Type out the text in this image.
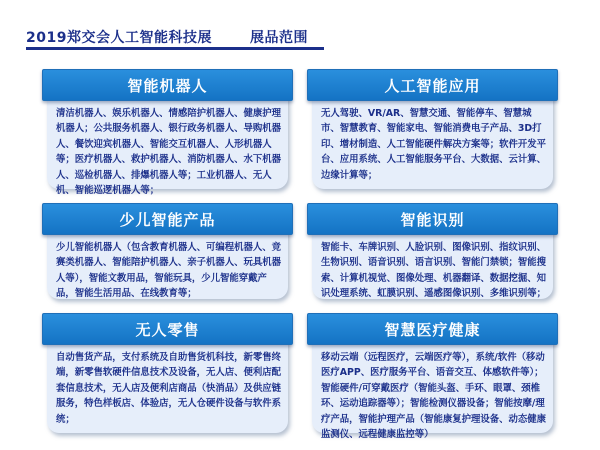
2019郑交会人工智能科技展	展品范围
智能机器人
清洁机器人、娱乐机器人、情感陪护机器人、健康护理机器人；公共服务机器人、银行政务机器人、导购机器人、餐饮迎宾机器人、智能交互机器人、人形机器人等；医疗机器人、救护机器人、消防机器人、水下机器人、巡检机器人、排爆机器人等；工业机器人、无人机、智能巡逻机器人等；
人工智能应用
无人驾驶、VR/AR、智慧交通、智能停车、智慧城市、智慧教育、智能家电、智能消费电子产品、3D打印、增材制造、人工智能硬件解决方案等；软件开发平台、应用系统、人工智能服务平台、大数据、云计算、边缘计算等；
少儿智能产品
少儿智能机器人（包含教育机器人、可编程机器人、竞赛类机器人、智能陪护机器人、亲子机器人、玩具机器人等），智能文教用品，智能玩具，少儿智能穿戴产品，智能生活用品、在线教育等；
智能识别
智能卡、车牌识别、人脸识别、图像识别、指纹识别、生物识别、语音识别、语言识别、智能门禁锁；智能搜索、计算机视觉、图像处理、机器翻译、数据挖掘、知识处理系统、虹膜识别、遥感图像识别、多维识别等；
无人零售
自动售货产品，支付系统及自助售货机科技，新零售终端，新零售软硬件信息技术及设备，无人店、便利店配套信息技术，无人店及便利店商品（快消品）及供应链服务，特色样板店、体验店，无人仓硬件设备与软件系统；
智慧医疗健康
移动云端（远程医疗，云端医疗等），系统/软件（移动医疗APP、医疗服务平台、语音交互、体感软件等）；智能硬件/可穿戴医疗（智能头盔、手环、眼罩、颈椎环、运动追踪器等）；智能检测仪器设备；智能按摩/理疗产品，智能护理产品（智能康复护理设备、动态健康监测仪、远程健康监控等）
